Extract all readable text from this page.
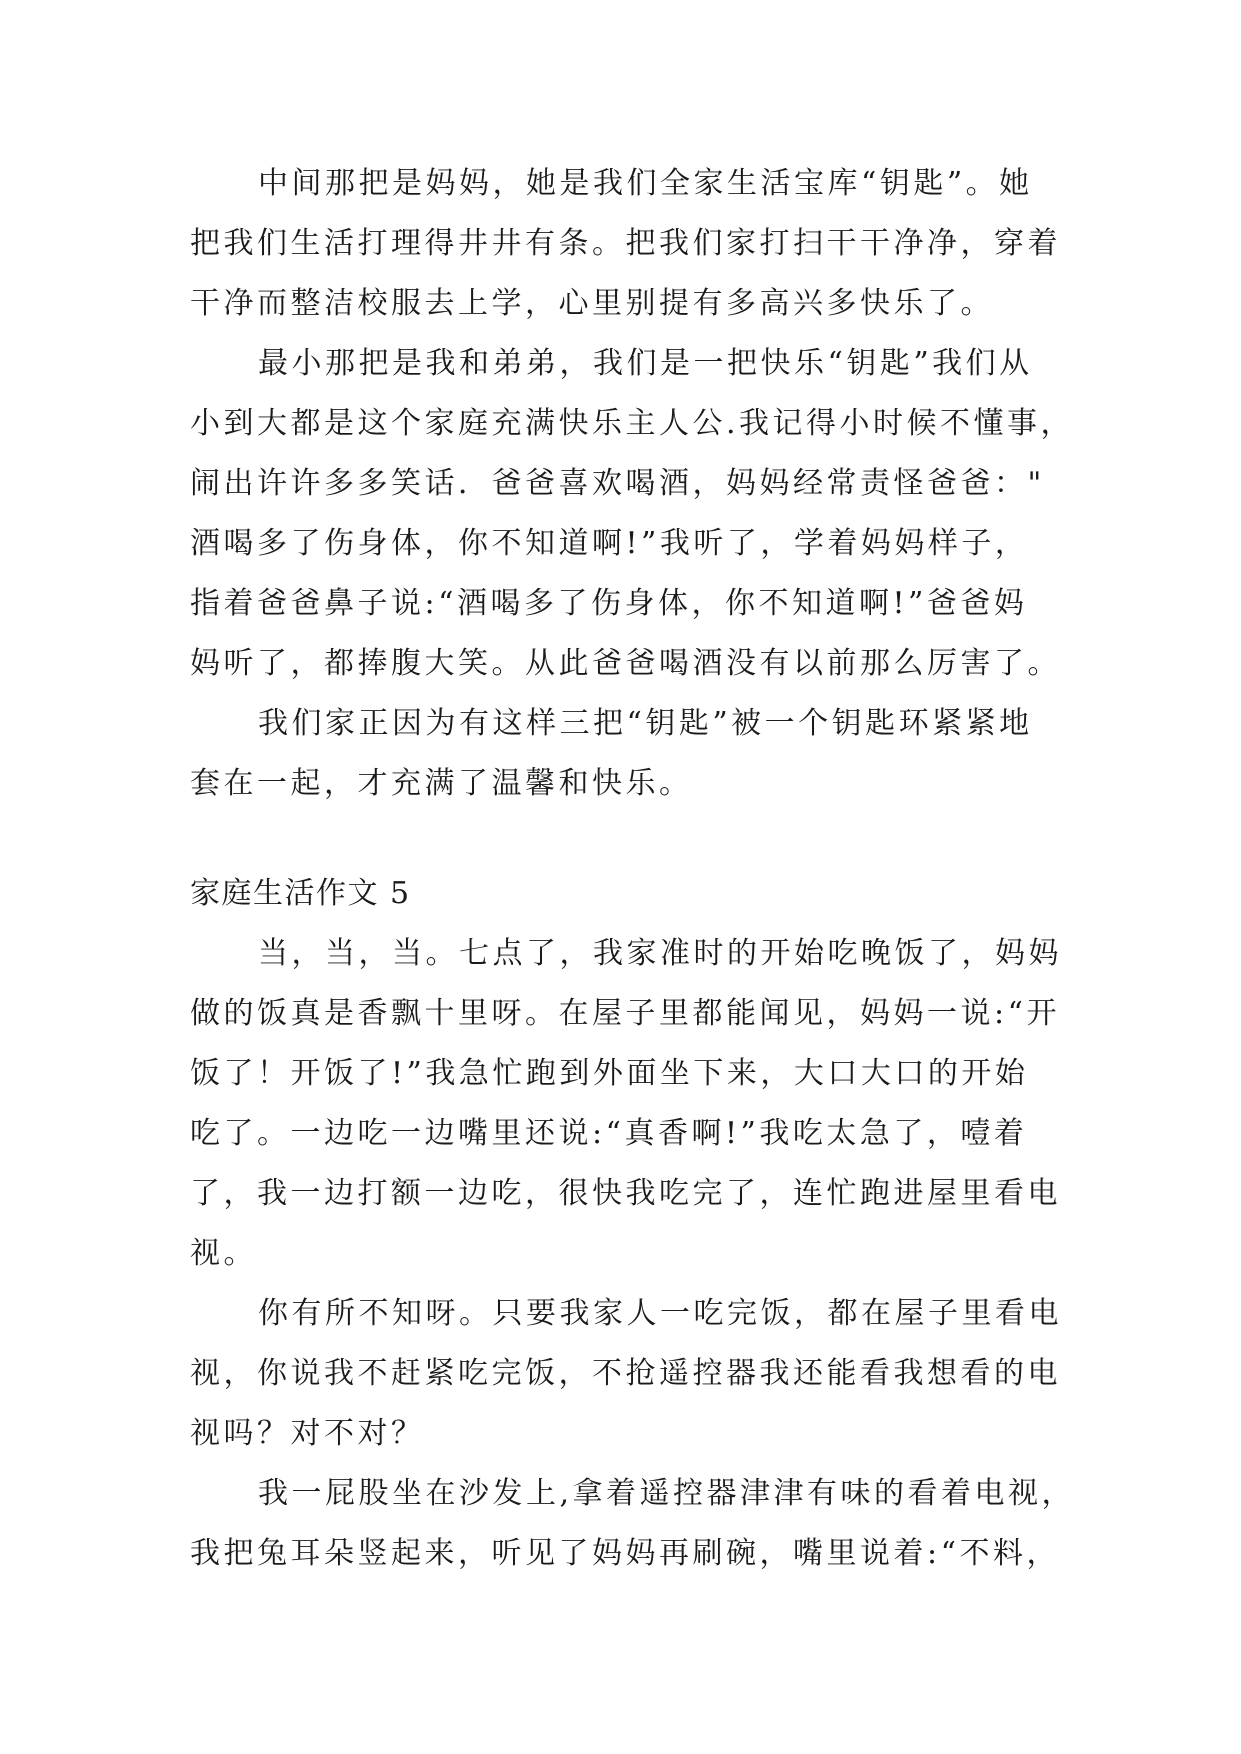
中间那把是妈妈，她是我们全家生活宝库“钥匙”。她
把我们生活打理得井井有条。把我们家打扫干干净净，穿着
干净而整洁校服去上学，心里别提有多高兴多快乐了。
最小那把是我和弟弟，我们是一把快乐“钥匙”我们从
小到大都是这个家庭充满快乐主人公.我记得小时候不懂事，
闹出许许多多笑话．爸爸喜欢喝酒，妈妈经常责怪爸爸："
酒喝多了伤身体，你不知道啊!”我听了，学着妈妈样子，
指着爸爸鼻子说:“酒喝多了伤身体，你不知道啊!”爸爸妈
妈听了，都捧腹大笑。从此爸爸喝酒没有以前那么厉害了。
我们家正因为有这样三把“钥匙”被一个钥匙环紧紧地
套在一起，才充满了温馨和快乐。
家庭生活作文 5
当，当，当。七点了，我家准时的开始吃晚饭了，妈妈
做的饭真是香飘十里呀。在屋子里都能闻见，妈妈一说:“开
饭了！开饭了!”我急忙跑到外面坐下来，大口大口的开始
吃了。一边吃一边嘴里还说:“真香啊!”我吃太急了，噎着
了，我一边打额一边吃，很快我吃完了，连忙跑进屋里看电
视。
你有所不知呀。只要我家人一吃完饭，都在屋子里看电
视，你说我不赶紧吃完饭，不抢遥控器我还能看我想看的电
视吗？对不对？
我一屁股坐在沙发上,拿着遥控器津津有味的看着电视，
我把兔耳朵竖起来，听见了妈妈再刷碗，嘴里说着:“不料，
